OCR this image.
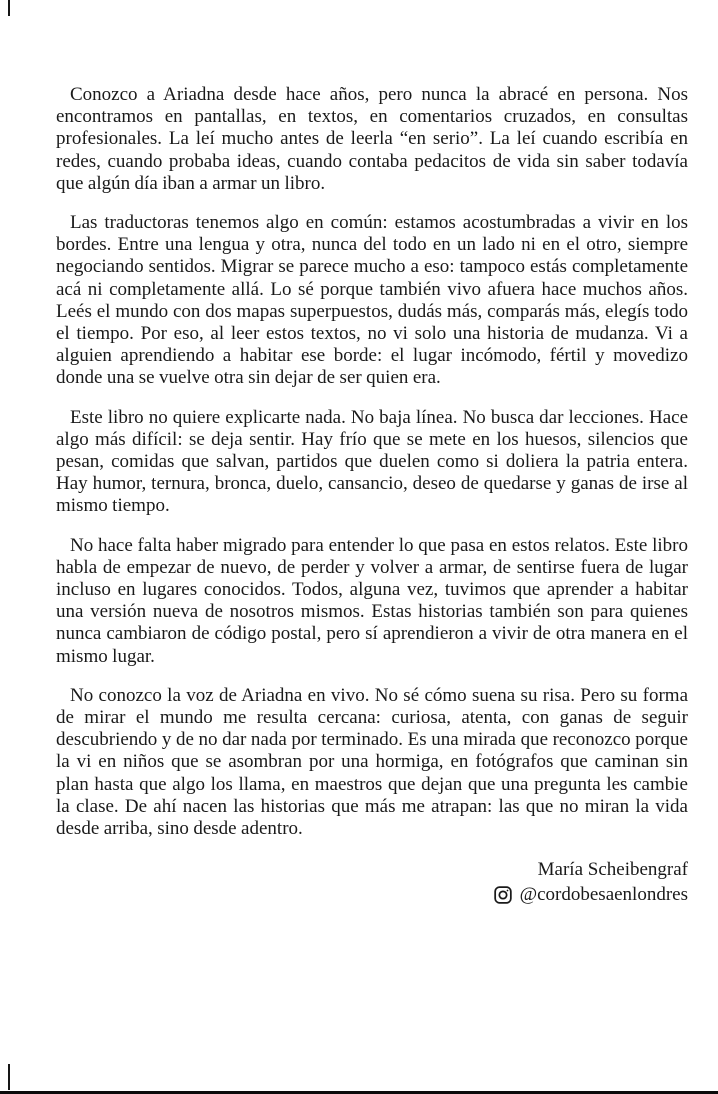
Conozco a Ariadna desde hace años, pero nunca la abracé en persona. Nos encontramos en pantallas, en textos, en comentarios cruzados, en consultas profesionales. La leí mucho antes de leerla “en serio”. La leí cuando escribía en redes, cuando probaba ideas, cuando contaba pedacitos de vida sin saber todavía que algún día iban a armar un libro.

Las traductoras tenemos algo en común: estamos acostumbradas a vivir en los bordes. Entre una lengua y otra, nunca del todo en un lado ni en el otro, siempre negociando sentidos. Migrar se parece mucho a eso: tampoco estás completamente acá ni completamente allá. Lo sé porque también vivo afuera hace muchos años. Leés el mundo con dos mapas superpuestos, dudás más, comparás más, elegís todo el tiempo. Por eso, al leer estos textos, no vi solo una historia de mudanza. Vi a alguien aprendiendo a habitar ese borde: el lugar incómodo, fértil y movedizo donde una se vuelve otra sin dejar de ser quien era.

Este libro no quiere explicarte nada. No baja línea. No busca dar lecciones. Hace algo más difícil: se deja sentir. Hay frío que se mete en los huesos, silencios que pesan, comidas que salvan, partidos que duelen como si doliera la patria entera. Hay humor, ternura, bronca, duelo, cansancio, deseo de quedarse y ganas de irse al mismo tiempo.

No hace falta haber migrado para entender lo que pasa en estos relatos. Este libro habla de empezar de nuevo, de perder y volver a armar, de sentirse fuera de lugar incluso en lugares conocidos. Todos, alguna vez, tuvimos que aprender a habitar una versión nueva de nosotros mismos. Estas historias también son para quienes nunca cambiaron de código postal, pero sí aprendieron a vivir de otra manera en el mismo lugar.

No conozco la voz de Ariadna en vivo. No sé cómo suena su risa. Pero su forma de mirar el mundo me resulta cercana: curiosa, atenta, con ganas de seguir descubriendo y de no dar nada por terminado. Es una mirada que reconozco porque la vi en niños que se asombran por una hormiga, en fotógrafos que caminan sin plan hasta que algo los llama, en maestros que dejan que una pregunta les cambie la clase. De ahí nacen las historias que más me atrapan: las que no miran la vida desde arriba, sino desde adentro.

María Scheibengraf
@cordobesaenlondres
